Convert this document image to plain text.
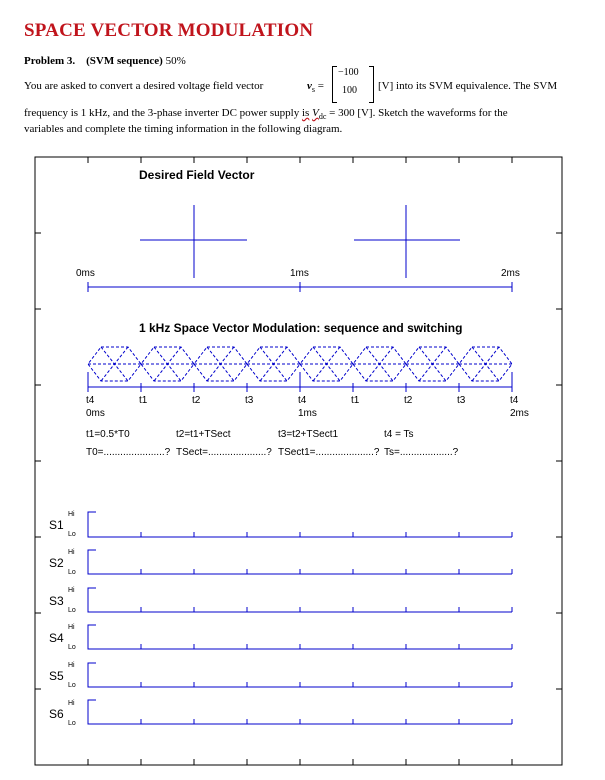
SPACE VECTOR MODULATION
Problem 3. (SVM sequence) 50%
You are asked to convert a desired voltage field vector	$v_s$ =
−100
100 [V] into its SVM equivalence. The SVM
frequency is 1 kHz, and the 3-phase inverter DC power supply is $V_{dc} = 300$ [V]. Sketch the waveforms for the
variables and complete the timing information in the following diagram.
Desired Field Vector
0ms	1ms	2ms
1 kHz Space Vector Modulation: sequence and switching
t4	t1	t2	t3	t4	t1	t2	t3	t4
0ms	1ms	2ms
t1=0.5*T0	t2=t1+TSect	t3=t2+TSect1	t4 = Ts
T0=......................? TSect=.....................? TSect1=.....................? Ts=...................?
S1
Hi
Lo
S2
Hi
Lo
S3
Hi
Lo
S4
Hi
Lo
S5
Hi
Lo
S6
Hi
Lo
